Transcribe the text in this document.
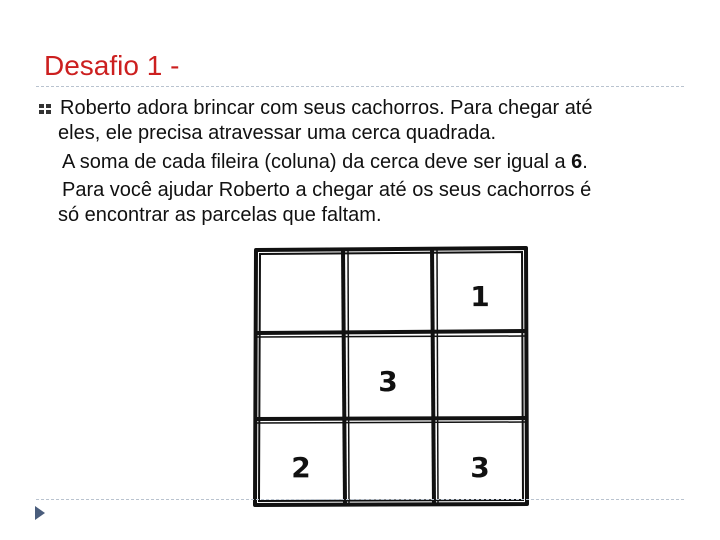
Desafio 1 -
Roberto adora brincar com seus cachorros. Para chegar até
eles, ele precisa atravessar uma cerca quadrada.
A soma de cada fileira (coluna) da cerca deve ser igual a 6.
Para você ajudar Roberto a chegar até os seus cachorros é
só encontrar as parcelas que faltam.
1
3
2	3
